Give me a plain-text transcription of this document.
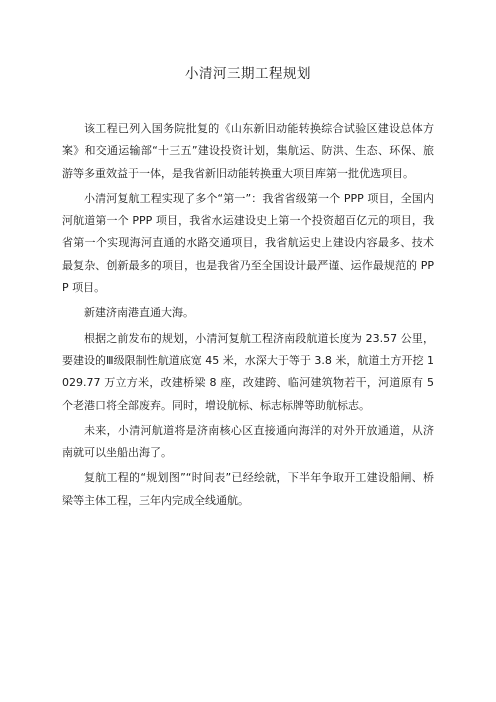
小清河三期工程规划

该工程已列入国务院批复的《山东新旧动能转换综合试验区建设总体方案》和交通运输部“十三五”建设投资计划，集航运、防洪、生态、环保、旅游等多重效益于一体，是我省新旧动能转换重大项目库第一批优选项目。

小清河复航工程实现了多个“第一”：我省省级第一个 PPP 项目，全国内河航道第一个 PPP 项目，我省水运建设史上第一个投资超百亿元的项目，我省第一个实现海河直通的水路交通项目，我省航运史上建设内容最多、技术最复杂、创新最多的项目，也是我省乃至全国设计最严谨、运作最规范的 PPP 项目。

新建济南港直通大海。

根据之前发布的规划，小清河复航工程济南段航道长度为 23.57 公里，要建设的Ⅲ级限制性航道底宽 45 米，水深大于等于 3.8 米，航道土方开挖 1029.77 万立方米，改建桥梁 8 座，改建跨、临河建筑物若干，河道原有 5 个老港口将全部废弃。同时，增设航标、标志标牌等助航标志。

未来，小清河航道将是济南核心区直接通向海洋的对外开放通道，从济南就可以坐船出海了。

复航工程的“规划图”“时间表”已经绘就，下半年争取开工建设船闸、桥梁等主体工程，三年内完成全线通航。
